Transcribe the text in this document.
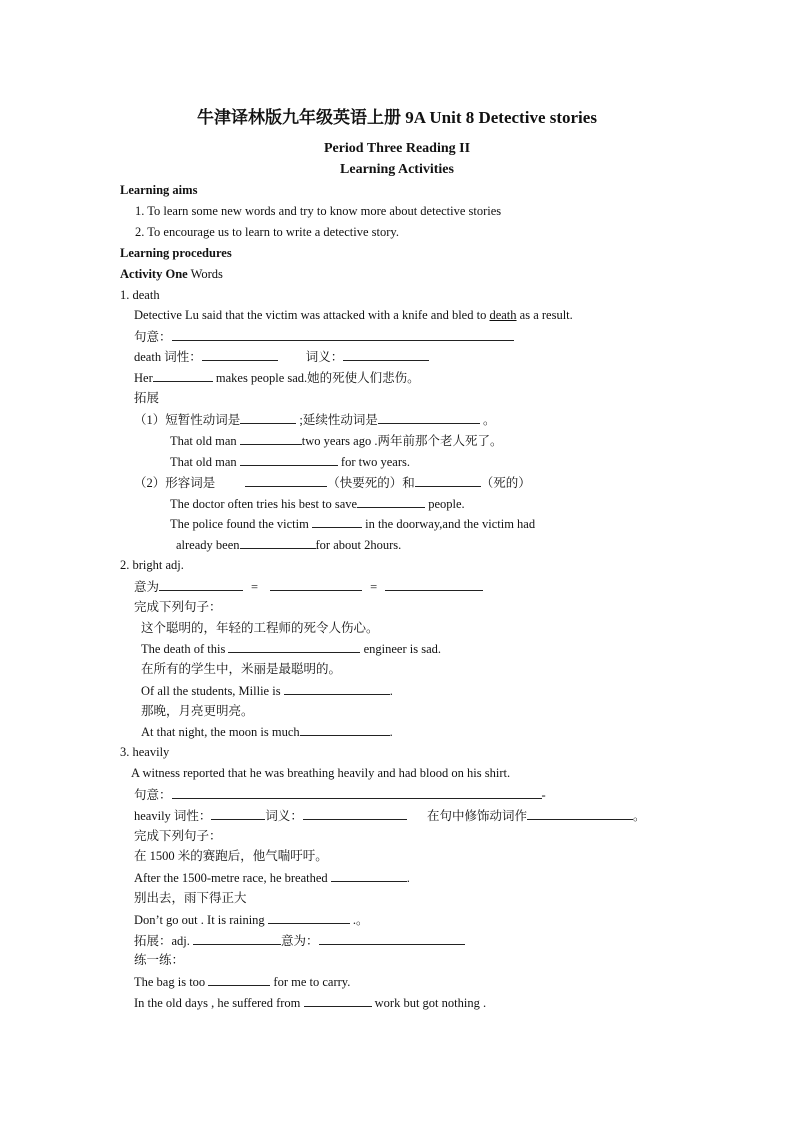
牛津译林版九年级英语上册 9A Unit 8 Detective stories
Period Three Reading II
Learning Activities
Learning aims
1. To learn some new words and try to know more about detective stories
2. To encourage us to learn to write a detective story.
Learning procedures
Activity One Words
1. death
Detective Lu said that the victim was attacked with a knife and bled to death as a result.
句意：
death 词性：	词义：
Her	makes people sad.她的死使人们悲伤。
拓展
（1）短暂性动词是	;延续性动词是	。
That old man	two years ago .两年前那个老人死了。
That old man	for two years.
（2）形容词是	（快要死的）和	（死的）
The doctor often tries his best to save	people.
The police found the victim	in the doorway,and the victim had
already been	for about 2hours.
2. bright adj.
意为	=	=
完成下列句子：
这个聪明的，年轻的工程师的死令人伤心。
The death of this	engineer is sad.
在所有的学生中，米丽是最聪明的。
Of all the students, Millie is	.
那晚，月亮更明亮。
At that night, the moon is much	.
3. heavily
A witness reported that he was breathing heavily and had blood on his shirt.
句意：	-
heavily 词性：	词义：	在句中修饰动词作	。
完成下列句子：
在 1500 米的赛跑后，他气喘吁吁。
After the 1500-metre race, he breathed	.
别出去，雨下得正大
Don’t go out . It is raining	.。
拓展：adj.	意为：
练一练：
The bag is too	for me to carry.
In the old days , he suffered from	work but got nothing .
